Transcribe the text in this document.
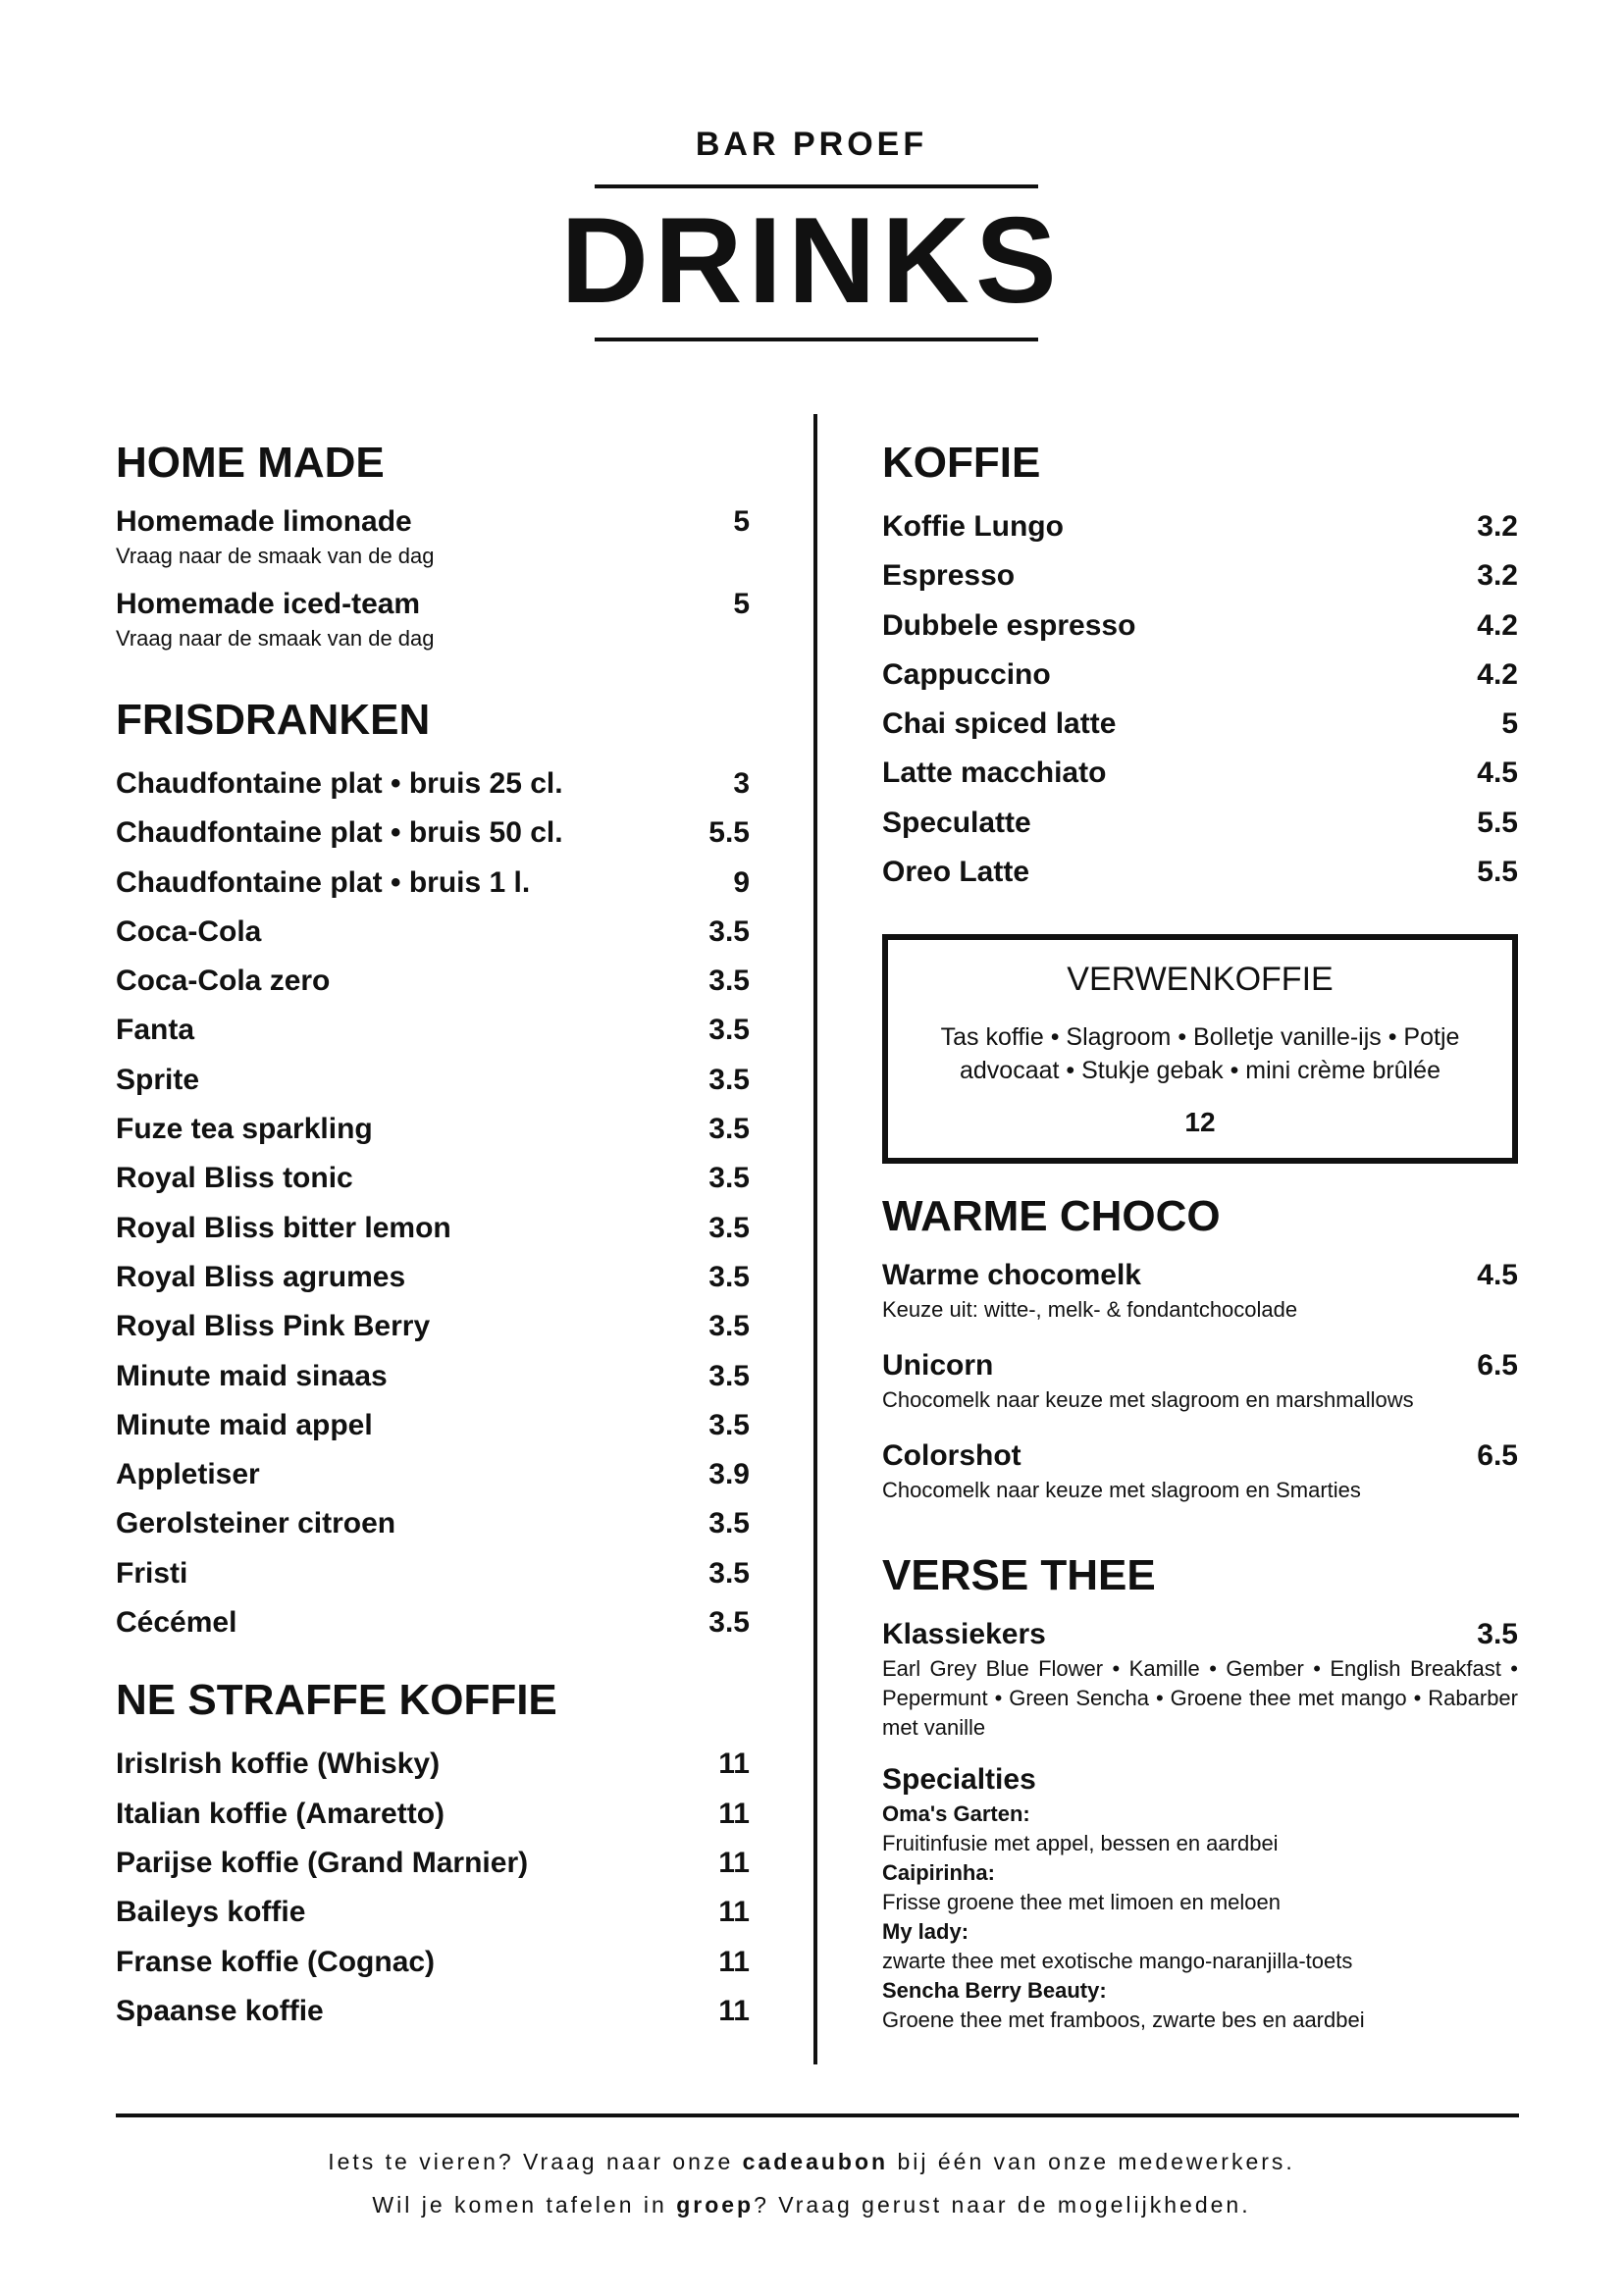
BAR PROEF
DRINKS
HOME MADE
Homemade limonade	5
Vraag naar de smaak van de dag
Homemade iced-team	5
Vraag naar de smaak van de dag
FRISDRANKEN
Chaudfontaine plat • bruis 25 cl.	3
Chaudfontaine plat • bruis 50 cl.	5.5
Chaudfontaine plat • bruis 1 l.	9
Coca-Cola	3.5
Coca-Cola zero	3.5
Fanta	3.5
Sprite	3.5
Fuze tea sparkling	3.5
Royal Bliss tonic	3.5
Royal Bliss bitter lemon	3.5
Royal Bliss agrumes	3.5
Royal Bliss Pink Berry	3.5
Minute maid sinaas	3.5
Minute maid appel	3.5
Appletiser	3.9
Gerolsteiner citroen	3.5
Fristi	3.5
Cécémel	3.5
NE STRAFFE KOFFIE
IrisIrish koffie (Whisky)	11
Italian koffie (Amaretto)	11
Parijse koffie (Grand Marnier)	11
Baileys koffie	11
Franse koffie (Cognac)	11
Spaanse koffie	11
KOFFIE
Koffie Lungo	3.2
Espresso	3.2
Dubbele espresso	4.2
Cappuccino	4.2
Chai spiced latte	5
Latte macchiato	4.5
Speculatte	5.5
Oreo Latte	5.5
VERWENKOFFIE
Tas koffie • Slagroom • Bolletje vanille-ijs • Potje advocaat • Stukje gebak • mini crème brûlée
12
WARME CHOCO
Warme chocomelk	4.5
Keuze uit: witte-, melk- & fondantchocolade
Unicorn	6.5
Chocomelk naar keuze met slagroom en marshmallows
Colorshot	6.5
Chocomelk naar keuze met slagroom en Smarties
VERSE THEE
Klassiekers	3.5
Earl Grey Blue Flower • Kamille • Gember • English Breakfast • Pepermunt • Green Sencha • Groene thee met mango • Rabarber met vanille
Specialties
Oma's Garten:
Fruitinfusie met appel, bessen en aardbei
Caipirinha:
Frisse groene thee met limoen en meloen
My lady:
zwarte thee met exotische mango-naranjilla-toets
Sencha Berry Beauty:
Groene thee met framboos, zwarte bes en aardbei
Iets te vieren? Vraag naar onze cadeaubon bij één van onze medewerkers.
Wil je komen tafelen in groep? Vraag gerust naar de mogelijkheden.
